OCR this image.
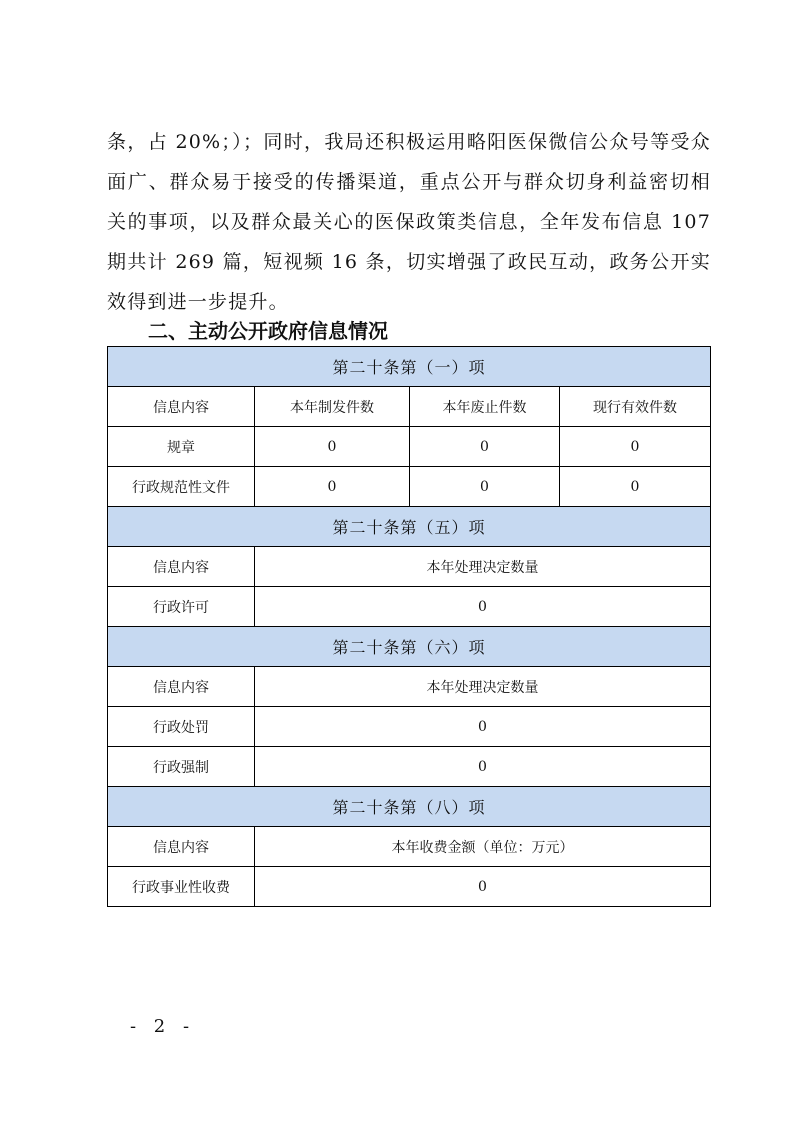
条，占 20%；）；同时，我局还积极运用略阳医保微信公众号等受众面广、群众易于接受的传播渠道，重点公开与群众切身利益密切相关的事项，以及群众最关心的医保政策类信息，全年发布信息 107 期共计 269 篇，短视频 16 条，切实增强了政民互动，政务公开实效得到进一步提升。

二、主动公开政府信息情况
第二十条第（一）项			
信息内容	本年制发件数	本年废止件数	现行有效件数
规章	0	0	0
行政规范性文件	0	0	0
第二十条第（五）项			
信息内容	本年处理决定数量		
行政许可	0		
第二十条第（六）项			
信息内容	本年处理决定数量		
行政处罚	0		
行政强制	0		
第二十条第（八）项			
信息内容	本年收费金额（单位：万元）		
行政事业性收费	0		
- 2 -
